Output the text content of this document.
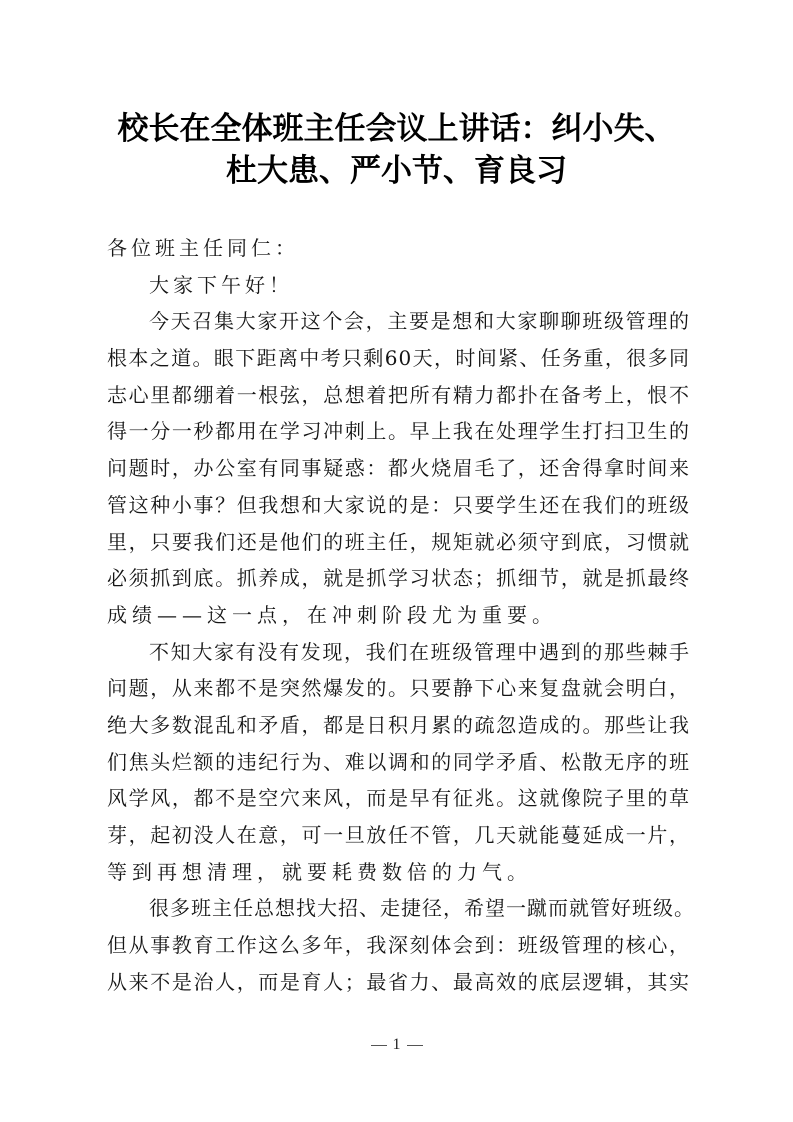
校长在全体班主任会议上讲话：纠小失、
杜大患、严小节、育良习
各位班主任同仁：
大家下午好！
今天召集大家开这个会，主要是想和大家聊聊班级管理的
根本之道。眼下距离中考只剩60天，时间紧、任务重，很多同
志心里都绷着一根弦，总想着把所有精力都扑在备考上，恨不
得一分一秒都用在学习冲刺上。早上我在处理学生打扫卫生的
问题时，办公室有同事疑惑：都火烧眉毛了，还舍得拿时间来
管这种小事？但我想和大家说的是：只要学生还在我们的班级
里，只要我们还是他们的班主任，规矩就必须守到底，习惯就
必须抓到底。抓养成，就是抓学习状态；抓细节，就是抓最终
成绩——这一点，在冲刺阶段尤为重要。
不知大家有没有发现，我们在班级管理中遇到的那些棘手
问题，从来都不是突然爆发的。只要静下心来复盘就会明白，
绝大多数混乱和矛盾，都是日积月累的疏忽造成的。那些让我
们焦头烂额的违纪行为、难以调和的同学矛盾、松散无序的班
风学风，都不是空穴来风，而是早有征兆。这就像院子里的草
芽，起初没人在意，可一旦放任不管，几天就能蔓延成一片，
等到再想清理，就要耗费数倍的力气。
很多班主任总想找大招、走捷径，希望一蹴而就管好班级。
但从事教育工作这么多年，我深刻体会到：班级管理的核心，
从来不是治人，而是育人；最省力、最高效的底层逻辑，其实
1
